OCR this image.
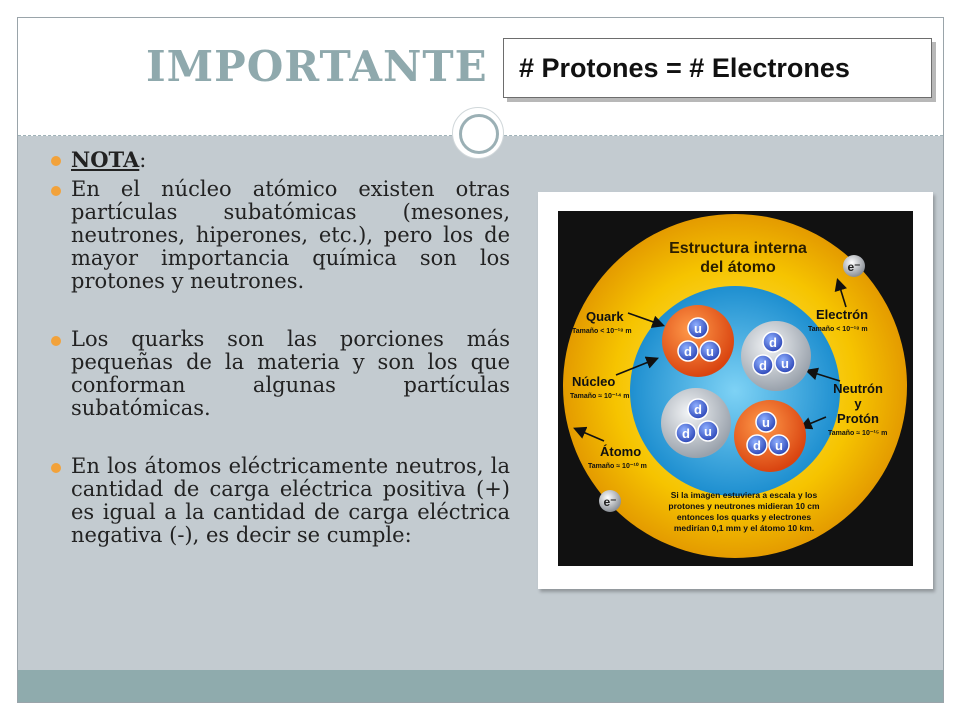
IMPORTANTE	# Protones = # Electrones
NOTA:
En el núcleo atómico existen otras partículas subatómicas (mesones, neutrones, hiperones, etc.), pero los de mayor importancia química son los protones y neutrones.
Los quarks son las porciones más pequeñas de la materia y son los que conforman algunas partículas subatómicas.
En los átomos eléctricamente neutros, la cantidad de carga eléctrica positiva (+) es igual a la cantidad de carga eléctrica negativa (-), es decir se cumple:
Estructura interna
del átomo	e⁻
e⁻
Quark
Tamaño < 10⁻¹⁸ m
Electrón
Tamaño < 10⁻¹⁸ m
Núcleo
Tamaño ≈ 10⁻¹⁴ m
Neutrón
y
Protón
Tamaño ≈ 10⁻¹⁵ m
Átomo
Tamaño ≈ 10⁻¹⁰ m
u
d u
d
d u
d
d u
u
d u
Si la imagen estuviera a escala y los
protones y neutrones midieran 10 cm
entonces los quarks y electrones
medirían 0,1 mm y el átomo 10 km.
